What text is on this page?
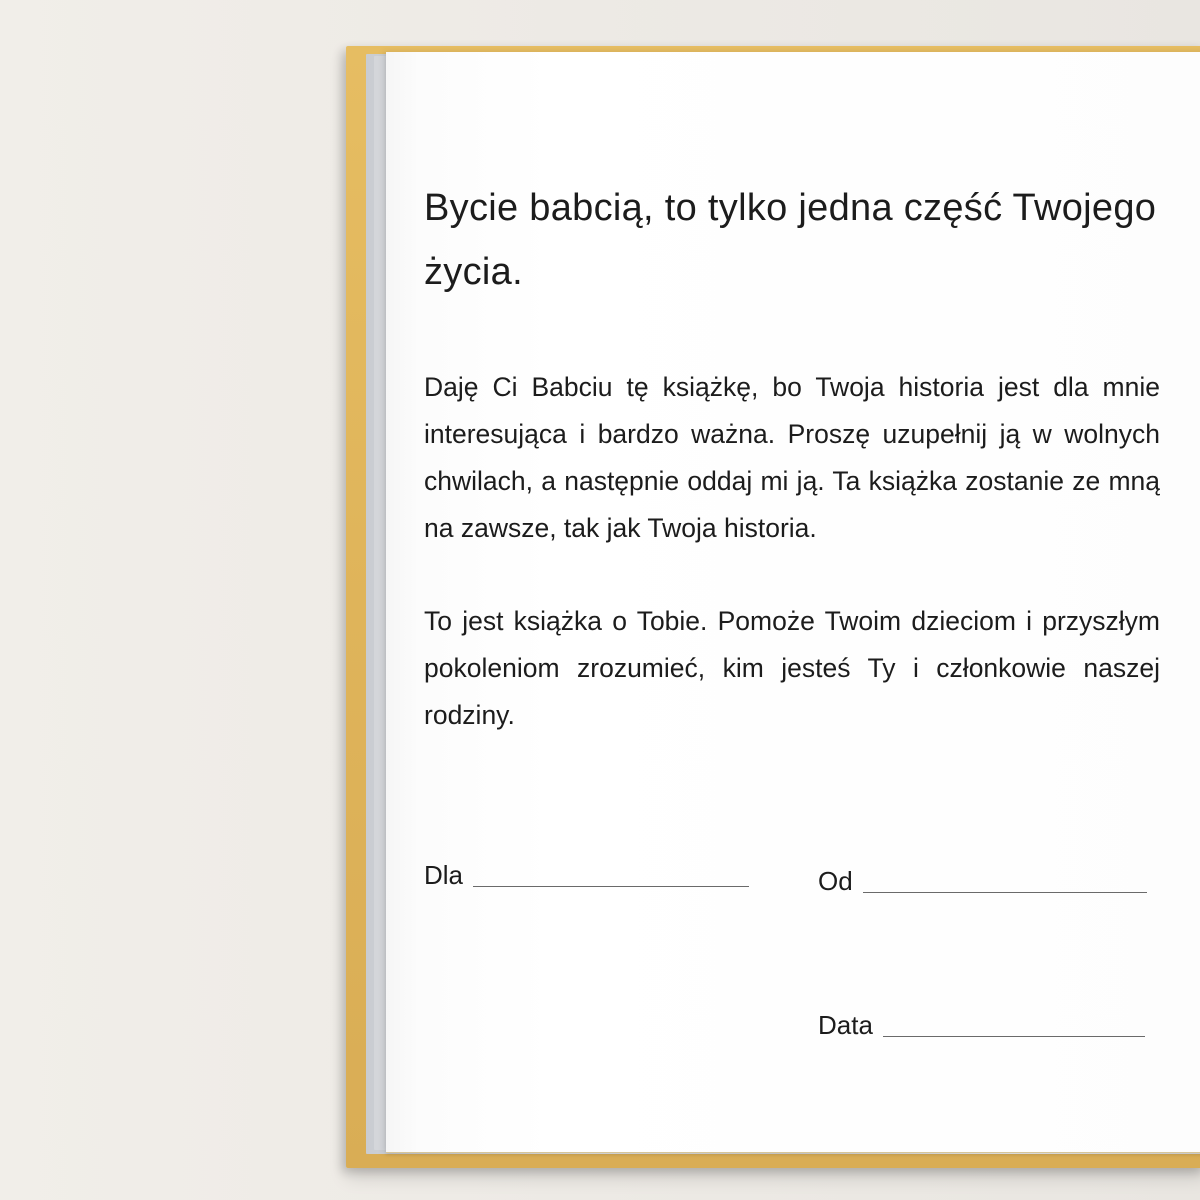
Bycie babcią, to tylko jedna część Twojego życia.

Daję Ci Babciu tę książkę, bo Twoja historia jest dla mnie interesująca i bardzo ważna. Proszę uzupełnij ją w wolnych chwilach, a następnie oddaj mi ją. Ta książka zostanie ze mną na zawsze, tak jak Twoja historia.

To jest książka o Tobie. Pomoże Twoim dzieciom i przyszłym pokoleniom zrozumieć, kim jesteś Ty i członkowie naszej rodziny.

Dla	Od
Data
